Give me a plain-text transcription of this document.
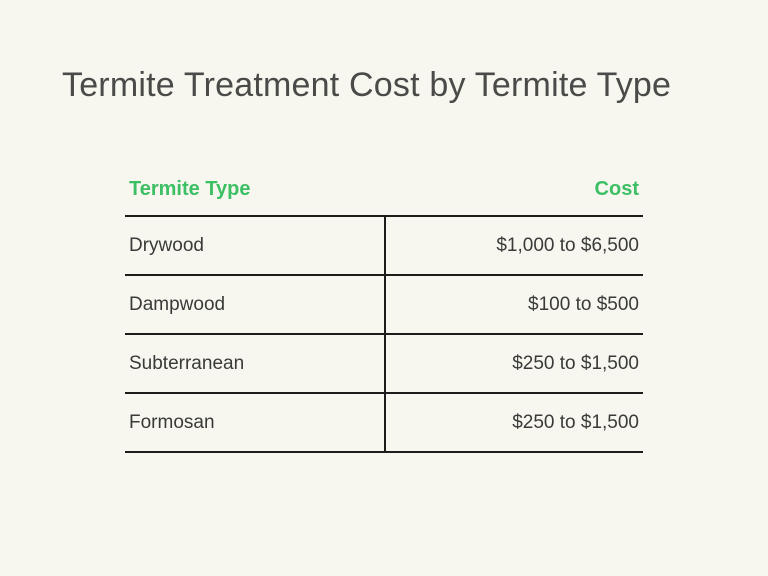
Termite Treatment Cost by Termite Type
Termite Type	Cost
Drywood	$1,000 to $6,500
Dampwood	$100 to $500
Subterranean	$250 to $1,500
Formosan	$250 to $1,500
